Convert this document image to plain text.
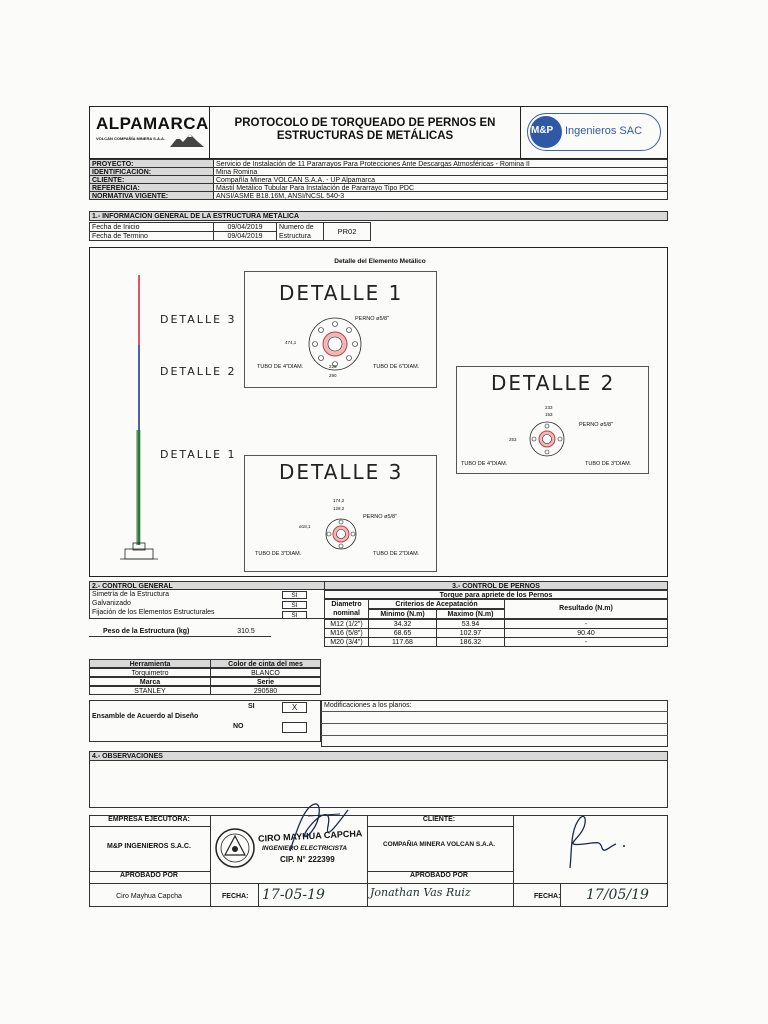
ALPAMARCA
VOLCAN COMPAÑÍA MINERA S.A.A.
PROTOCOLO DE TORQUEADO DE PERNOS EN
ESTRUCTURAS DE METÁLICAS	M&P Ingenieros SAC
PROYECTO:	Servicio de Instalación de 11 Pararrayos Para Protecciones Ante Descargas Atmosféricas - Romina II
IDENTIFICACIÓN:	Mina Romina
CLIENTE:	Compañía Minera VOLCAN S.A.A. - UP Alpamarca
REFERENCIA:	Mástil Metálico Tubular Para Instalación de Pararrayo Tipo PDC
NORMATIVA VIGENTE:	ANSI/ASME B18.16M, ANSI/NCSL 540-3
1.- INFORMACIÓN GENERAL DE LA ESTRUCTURA METÁLICA
Fecha de Inicio	09/04/2019
Fecha de Termino	09/04/2019
Numero de
Estructura
PR02
Detalle del Elemento Metálico
DETALLE 3
DETALLE 2
DETALLE 1
DETALLE 1
PERNO ø5/8"
474,1
225
290
TUBO DE 4"DIAM.	TUBO DE 6"DIAM.
DETALLE 2
233
153
253
PERNO ø5/8"
TUBO DE 4"DIAM.	TUBO DE 3"DIAM.
DETALLE 3
174,2
128,2
ø18,1
PERNO ø5/8"
TUBO DE 3"DIAM.	TUBO DE 2"DIAM.
2.- CONTROL GENERAL
Simetría de la Estructura	SI
Galvanizado	SI
Fijación de los Elementos Estructurales	SI
Peso de la Estructura (kg)	310.5
3.- CONTROL DE PERNOS
Torque para apriete de los Pernos
Diametro
nominal
Criterios de Acepatación
Minimo (N.m)	Maximo (N.m)
Resultado (N.m)
M12 (1/2")	34.32	53.94	-
M16 (5/8")	68.65	102.97	90.40
M20 (3/4")	117.68	186.32	-
Herramienta	Color de cinta del mes
Torquimetro	BLANCO
Marca	Serie
STANLEY	290580
Ensamble de Acuerdo al Diseño
SI	X
NO
Modificaciones a los planos:
4.- OBSERVACIONES
EMPRESA EJECUTORA:
M&P INGENIEROS S.A.C.
APROBADO POR
Ciro Mayhua Capcha	FECHA: 17-05-19
CIRO MAYHUA CAPCHA
INGENIERO ELECTRICISTA
CIP. N° 222399
CLIENTE:
COMPAÑIA MINERA VOLCAN S.A.A.
APROBADO POR
Jonathan Vas Ruiz	FECHA: 17/05/19
